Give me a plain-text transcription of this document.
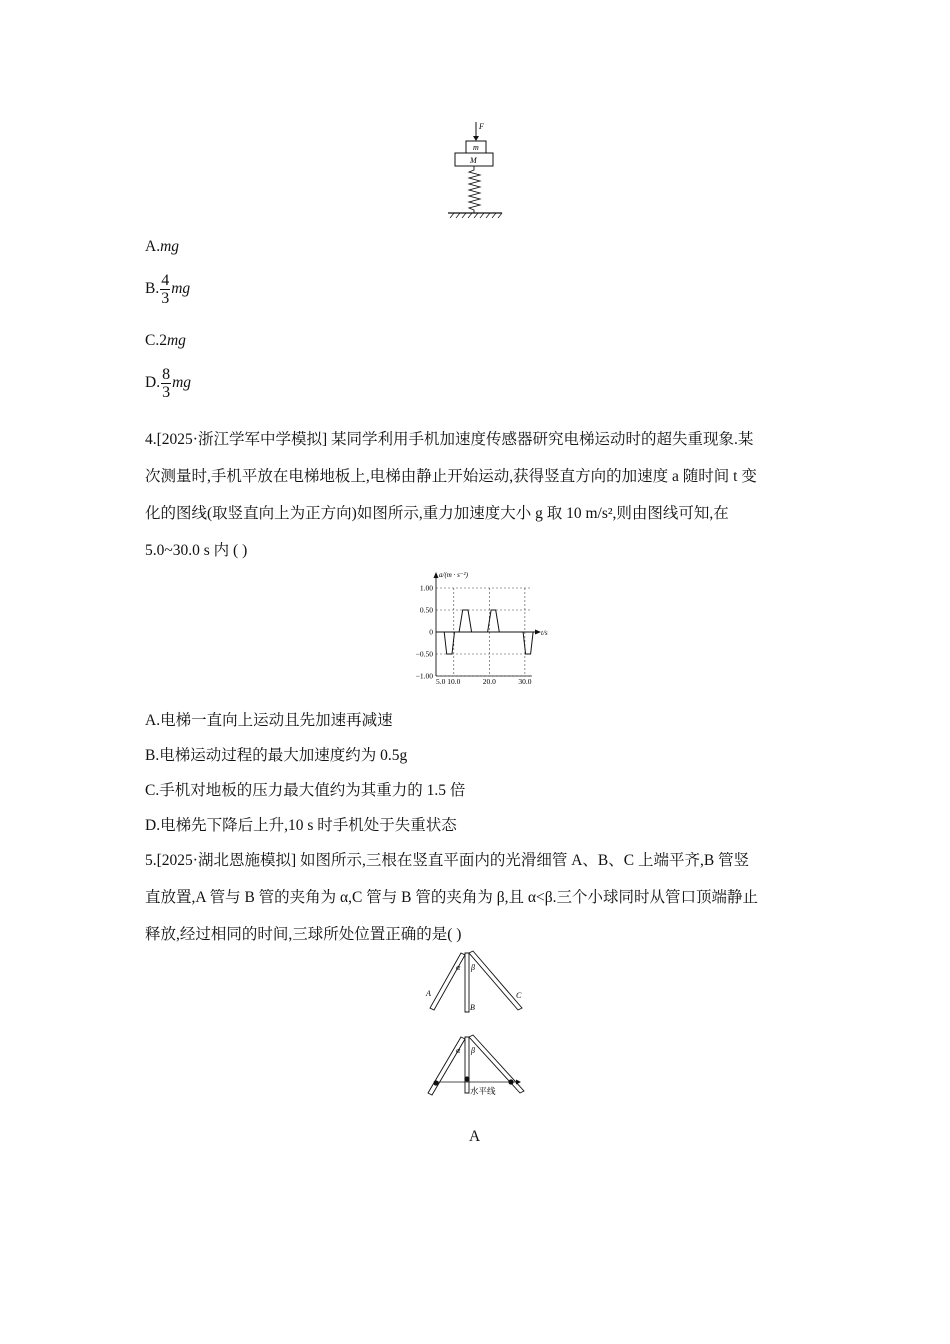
F
m
M
A.mg
B. $\frac{4}{3}$ mg
C.2mg
D. $\frac{8}{3}$ mg
4.[2025·浙江学军中学模拟] 某同学利用手机加速度传感器研究电梯运动时的超失重现象.某
次测量时,手机平放在电梯地板上,电梯由静止开始运动,获得竖直方向的加速度 a 随时间 t 变
化的图线(取竖直向上为正方向)如图所示,重力加速度大小 g 取 10 m/s²,则由图线可知,在
5.0~30.0 s 内 ( )
a/(m · s⁻²)
t/s
1.00
0.50
0
−0.50
−1.00
5.0 10.0	20.0	30.0
A.电梯一直向上运动且先加速再减速
B.电梯运动过程的最大加速度约为 0.5g
C.手机对地板的压力最大值约为其重力的 1.5 倍
D.电梯先下降后上升,10 s 时手机处于失重状态
5.[2025·湖北恩施模拟] 如图所示,三根在竖直平面内的光滑细管 A、B、C 上端平齐,B 管竖
直放置,A 管与 B 管的夹角为 α,C 管与 B 管的夹角为 β,且 α<β.三个小球同时从管口顶端静止
释放,经过相同的时间,三球所处位置正确的是( )
α β
A
B
C
α β
水平线
A
